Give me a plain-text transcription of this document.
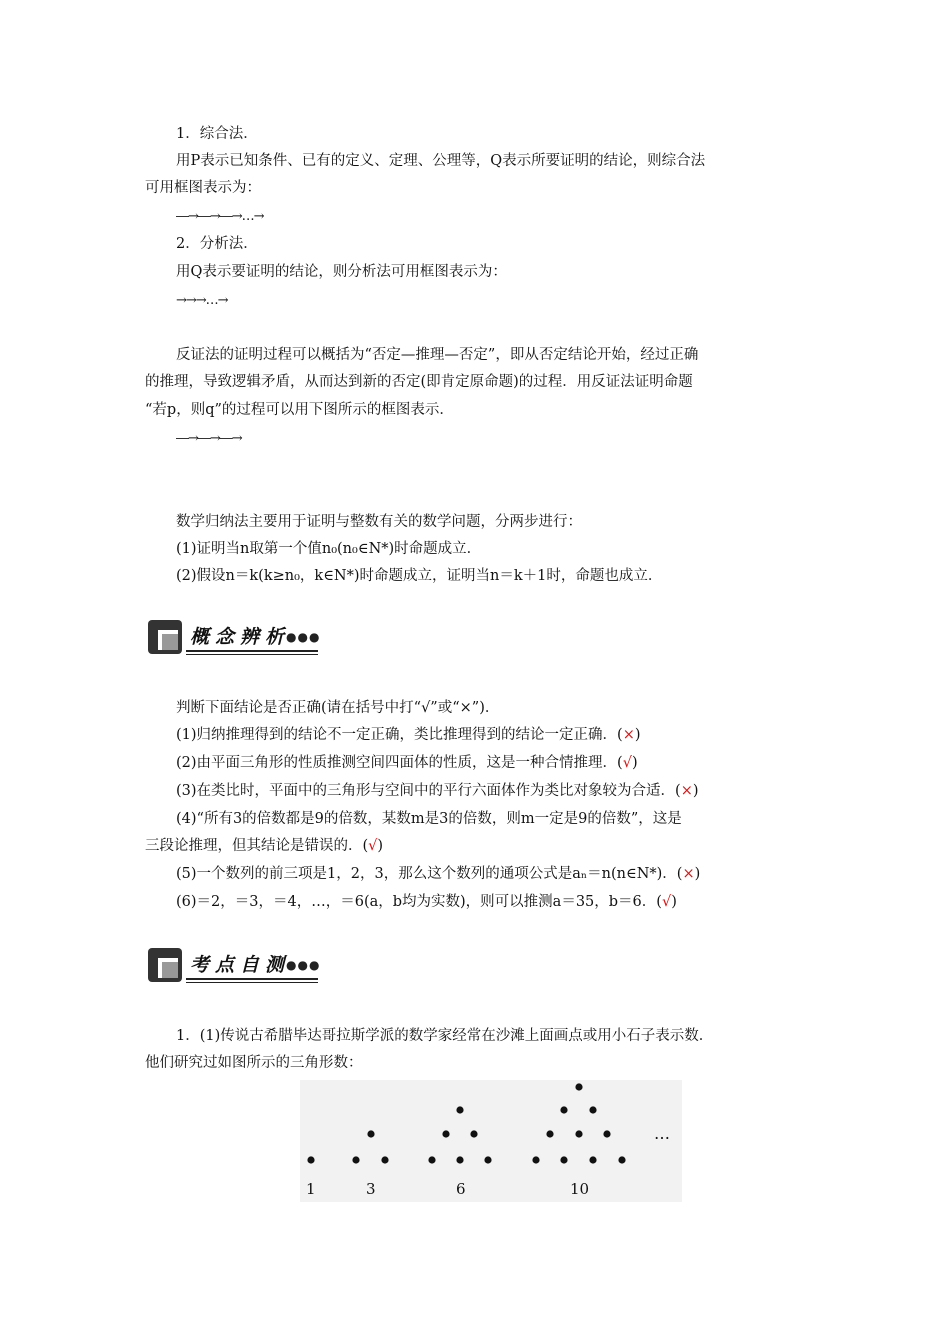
1．综合法．
用P表示已知条件、已有的定义、定理、公理等，Q表示所要证明的结论，则综合法
可用框图表示为：
―→―→―→…→
2．分析法．
用Q表示要证明的结论，则分析法可用框图表示为：
→→→…→
反证法的证明过程可以概括为“否定—推理—否定”，即从否定结论开始，经过正确
的推理，导致逻辑矛盾，从而达到新的否定(即肯定原命题)的过程．用反证法证明命题
“若p，则q”的过程可以用下图所示的框图表示．
―→―→―→
数学归纳法主要用于证明与整数有关的数学问题，分两步进行：
(1)证明当n取第一个值n₀(n₀∈N*)时命题成立．
(2)假设n＝k(k≥n₀，k∈N*)时命题成立，证明当n＝k＋1时，命题也成立．
概念辨析
●●●
判断下面结论是否正确(请在括号中打“√”或“×”)．
(1)归纳推理得到的结论不一定正确，类比推理得到的结论一定正确．(×)
(2)由平面三角形的性质推测空间四面体的性质，这是一种合情推理．(√)
(3)在类比时，平面中的三角形与空间中的平行六面体作为类比对象较为合适．(×)
(4)“所有3的倍数都是9的倍数，某数m是3的倍数，则m一定是9的倍数”，这是
三段论推理，但其结论是错误的．(√)
(5)一个数列的前三项是1，2，3，那么这个数列的通项公式是aₙ＝n(n∈N*)．(×)
(6)＝2，＝3，＝4，…，＝6(a，b均为实数)，则可以推测a＝35，b＝6．(√)
考点自测
●●●
1．(1)传说古希腊毕达哥拉斯学派的数学家经常在沙滩上面画点或用小石子表示数．
他们研究过如图所示的三角形数：
1	3	6	10
…
